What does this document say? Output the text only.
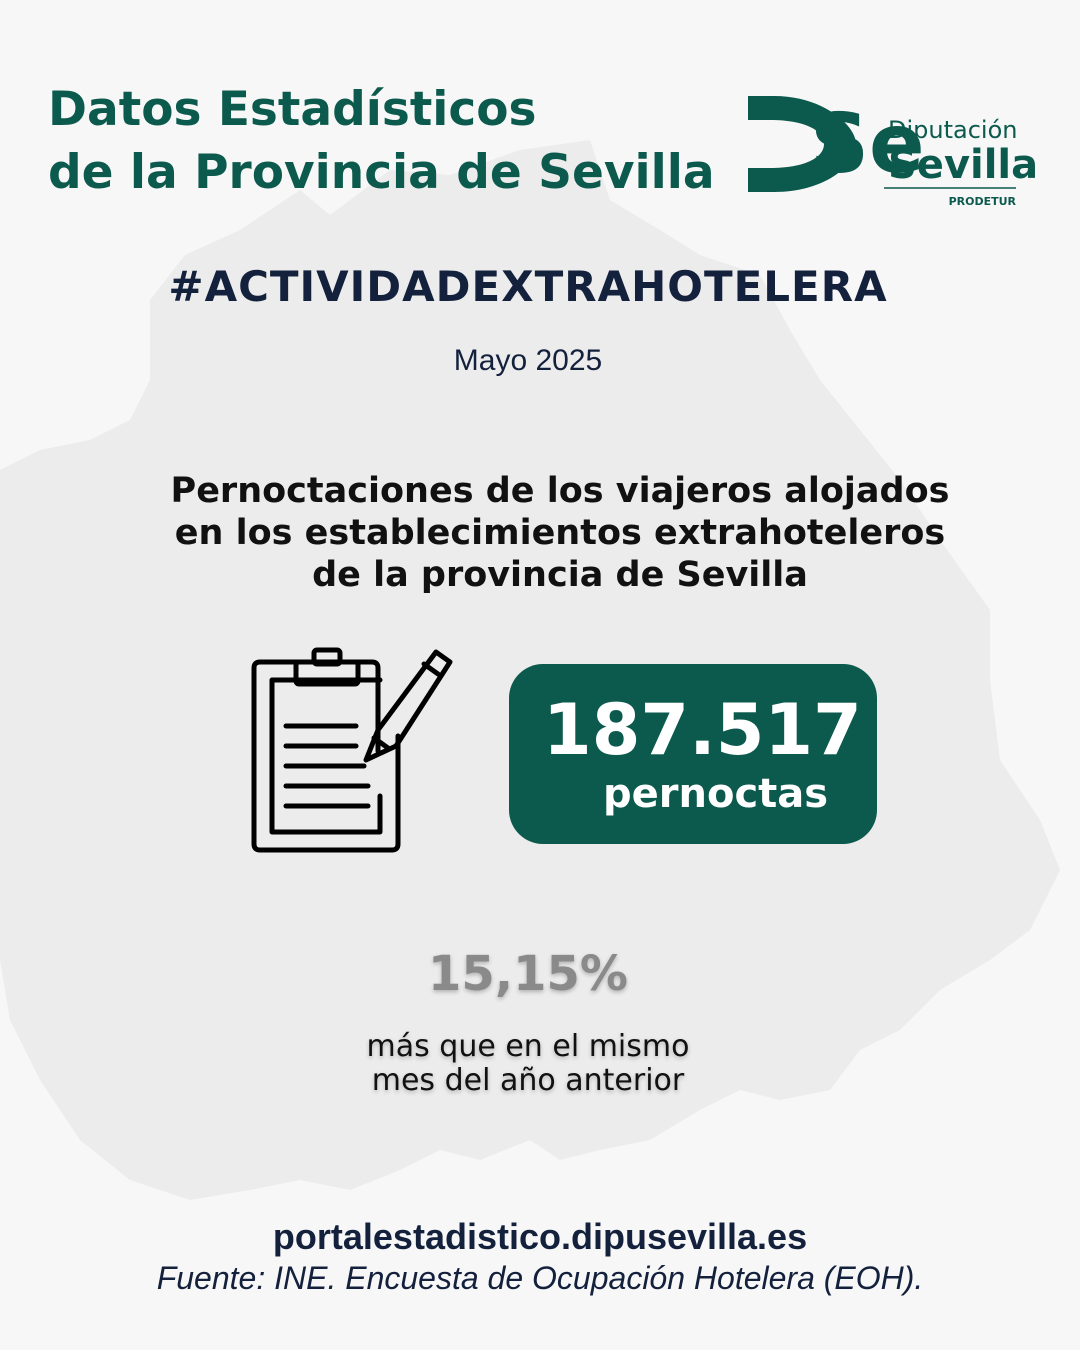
Datos Estadísticos
de la Provincia de Sevilla Se
Diputación
Sevilla
PRODETUR
#ACTIVIDADEXTRAHOTELERA

Mayo 2025

Pernoctaciones de los viajeros alojados
en los establecimientos extrahoteleros
de la provincia de Sevilla

187.517

pernoctas

15,15%

más que en el mismo
mes del año anterior

portalestadistico.dipusevilla.es

Fuente: INE. Encuesta de Ocupación Hotelera (EOH).
